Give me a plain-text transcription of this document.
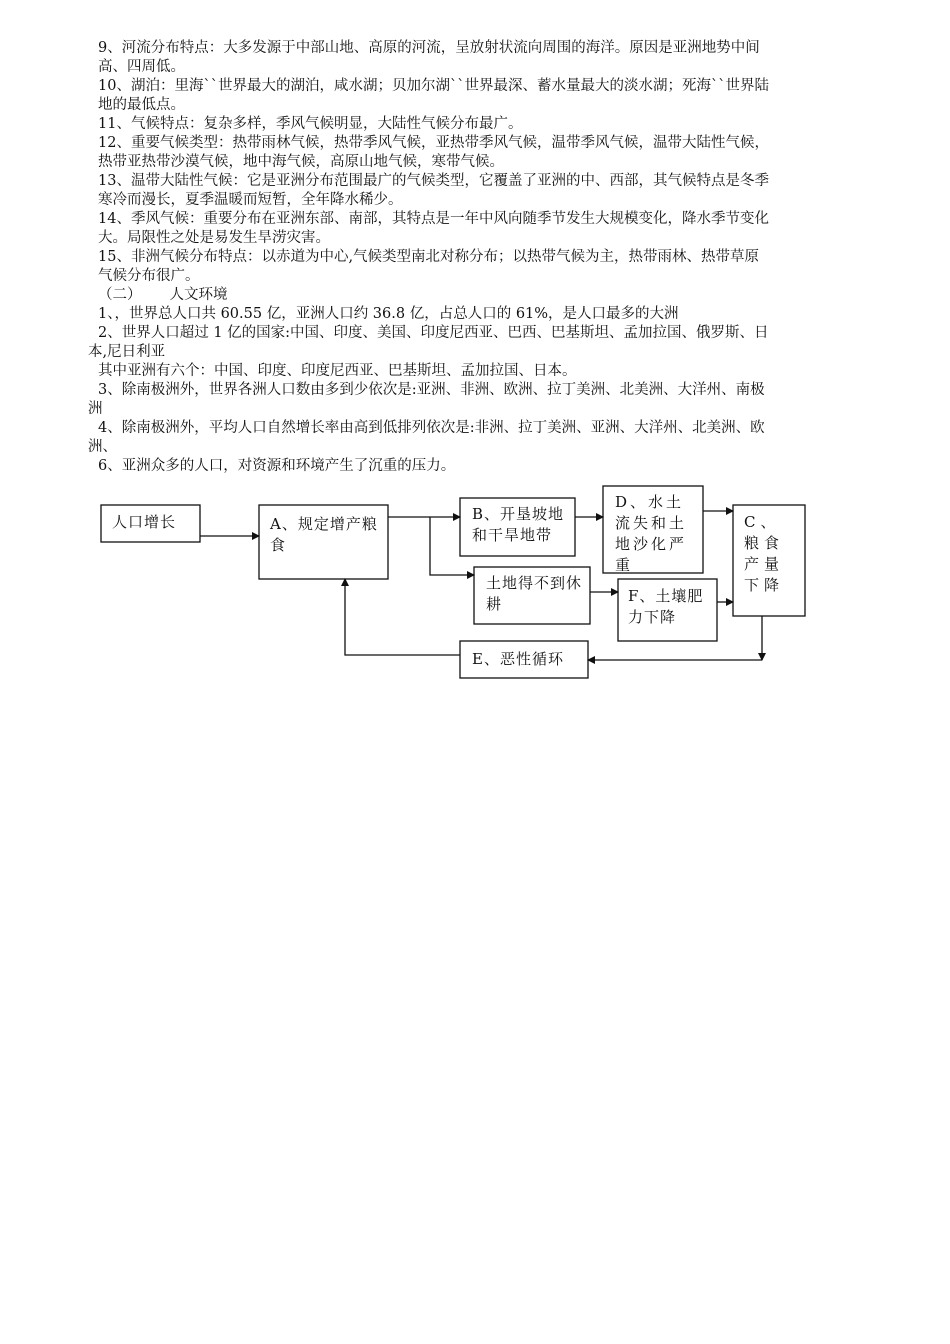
9、河流分布特点：大多发源于中部山地、高原的河流，呈放射状流向周围的海洋。原因是亚洲地势中间

高、四周低。

10、湖泊：里海``世界最大的湖泊，咸水湖；贝加尔湖``世界最深、蓄水量最大的淡水湖；死海``世界陆

地的最低点。

11、气候特点：复杂多样，季风气候明显，大陆性气候分布最广。

12、重要气候类型：热带雨林气候，热带季风气候，亚热带季风气候，温带季风气候，温带大陆性气候，

热带亚热带沙漠气候，地中海气候，高原山地气候，寒带气候。

13、温带大陆性气候：它是亚洲分布范围最广的气候类型，它覆盖了亚洲的中、西部，其气候特点是冬季

寒冷而漫长，夏季温暖而短暂，全年降水稀少。

14、季风气候：重要分布在亚洲东部、南部，其特点是一年中风向随季节发生大规模变化，降水季节变化

大。局限性之处是易发生旱涝灾害。

15、非洲气候分布特点：以赤道为中心,气候类型南北对称分布；以热带气候为主，热带雨林、热带草原

气候分布很广。

（二） 人文环境

1、，世界总人口共 60.55 亿，亚洲人口约 36.8 亿，占总人口的 61%，是人口最多的大洲

2、世界人口超过 1 亿的国家:中国、印度、美国、印度尼西亚、巴西、巴基斯坦、孟加拉国、俄罗斯、日

本,尼日利亚

其中亚洲有六个：中国、印度、印度尼西亚、巴基斯坦、孟加拉国、日本。

3、除南极洲外，世界各洲人口数由多到少依次是:亚洲、非洲、欧洲、拉丁美洲、北美洲、大洋州、南极

洲

4、除南极洲外，平均人口自然增长率由高到低排列依次是:非洲、拉丁美洲、亚洲、大洋州、北美洲、欧

洲、

6、亚洲众多的人口，对资源和环境产生了沉重的压力。

人口增长	A、规定增产粮食
B、开垦坡地和干旱地带
D、水土流失和土地沙化严重
C、粮食产量下降
土地得不到休耕	F、土壤肥力下降
E、恶性循环
